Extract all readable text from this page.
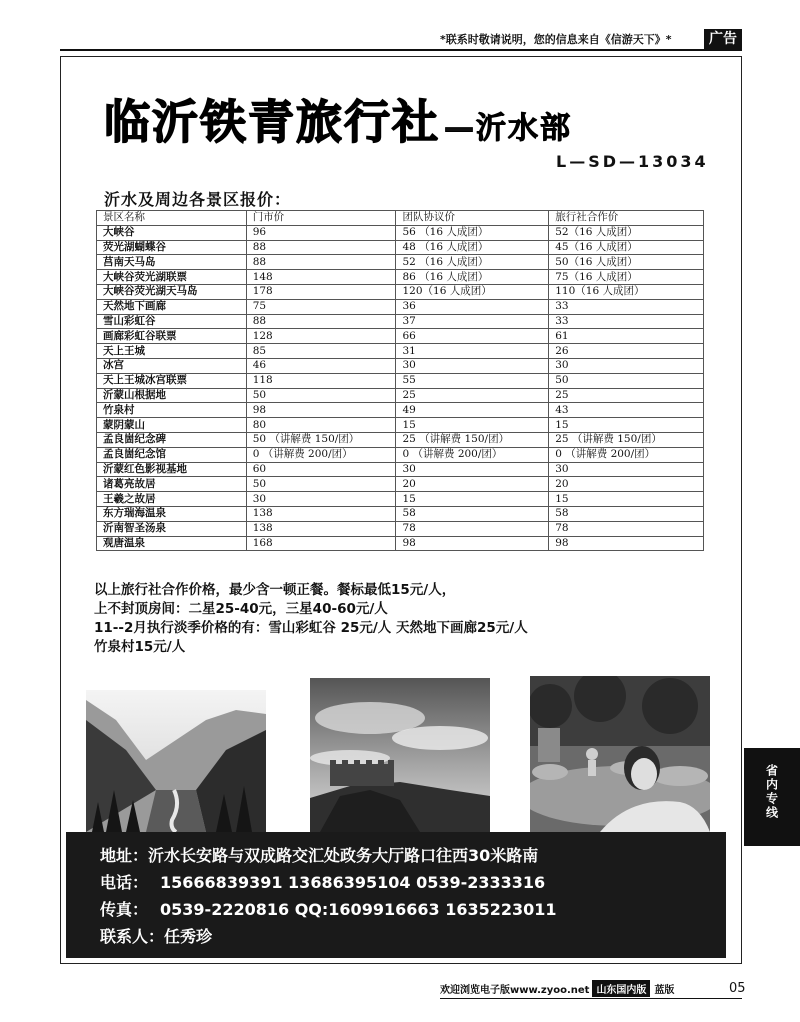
*联系时敬请说明，您的信息来自《信游天下》*	广告
临沂铁青旅行社 —沂水部
L—SD—13034
沂水及周边各景区报价：
景区名称	门市价	团队协议价	旅行社合作价
大峡谷	96	56 （16 人成团）	52（16 人成团）
荧光湖蝴蝶谷	88	48 （16 人成团）	45（16 人成团）
莒南天马岛	88	52 （16 人成团）	50（16 人成团）
大峡谷荧光湖联票	148	86 （16 人成团）	75（16 人成团）
大峡谷荧光湖天马岛	178	120（16 人成团）	110（16 人成团）
天然地下画廊	75	36	33
雪山彩虹谷	88	37	33
画廊彩虹谷联票	128	66	61
天上王城	85	31	26
冰宫	46	30	30
天上王城冰宫联票	118	55	50
沂蒙山根据地	50	25	25
竹泉村	98	49	43
蒙阴蒙山	80	15	15
孟良崮纪念碑	50 （讲解费 150/团）	25 （讲解费 150/团）	25 （讲解费 150/团）
孟良崮纪念馆	0 （讲解费 200/团）	0 （讲解费 200/团）	0 （讲解费 200/团）
沂蒙红色影视基地	60	30	30
诸葛亮故居	50	20	20
王羲之故居	30	15	15
东方瑞海温泉	138	58	58
沂南智圣汤泉	138	78	78
观唐温泉	168	98	98
以上旅行社合作价格，最少含一顿正餐。餐标最低15元/人，
上不封顶房间：二星25-40元，三星40-60元/人
11--2月执行淡季价格的有：雪山彩虹谷 25元/人 天然地下画廊25元/人
竹泉村15元/人
地址：沂水长安路与双成路交汇处政务大厅路口往西30米路南
电话： 15666839391 13686395104 0539-2333316
传真： 0539-2220816 QQ:1609916663 1635223011
联系人：任秀珍
省内专线
欢迎浏览电子版www.zyoo.net 山东国内版 蓝版	05
